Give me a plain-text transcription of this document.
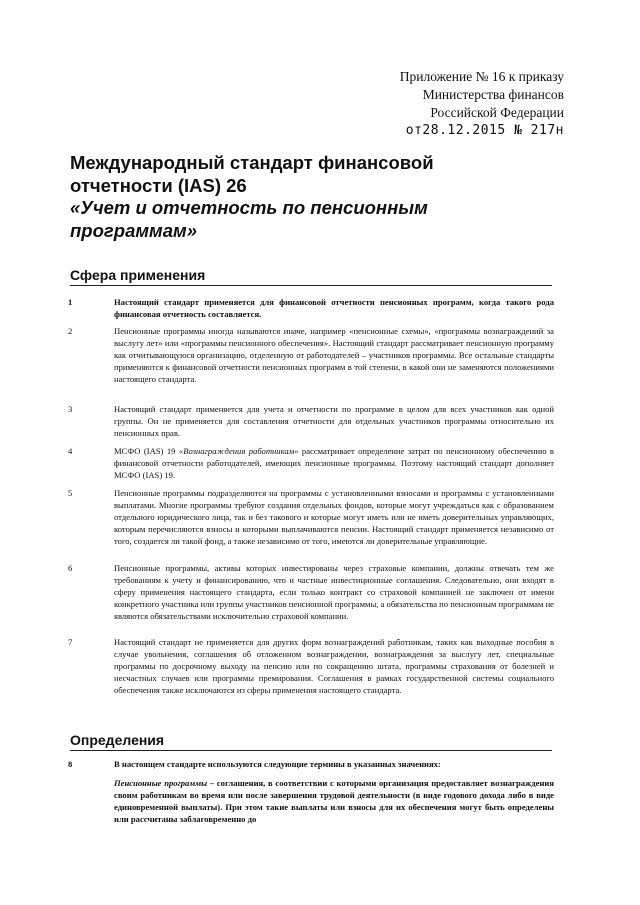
Приложение № 16 к приказу
Министерства финансов
Российской Федерации
от28.12.2015 № 217н
Международный стандарт финансовой
отчетности (IAS) 26
«Учет и отчетность по пенсионным
программам»
Сфера применения
1	Настоящий стандарт применяется для финансовой отчетности пенсионных программ, когда такого рода финансовая отчетность составляется.
2	Пенсионные программы иногда называются иначе, например «пенсионные схемы», «программы вознаграждений за выслугу лет» или «программы пенсионного обеспечения». Настоящий стандарт рассматривает пенсионную программу как отчитывающуюся организацию, отделенную от работодателей – участников программы. Все остальные стандарты применяются к финансовой отчетности пенсионных программ в той степени, в какой они не заменяются положениями настоящего стандарта.
3	Настоящий стандарт применяется для учета и отчетности по программе в целом для всех участников как одной группы. Он не применяется для составления отчетности для отдельных участников программы относительно их пенсионных прав.
4	МСФО (IAS) 19 «Вознаграждения работникам» рассматривает определение затрат по пенсионному обеспечению в финансовой отчетности работодателей, имеющих пенсионные программы. Поэтому настоящий стандарт дополняет МСФО (IAS) 19.
5	Пенсионные программы подразделяются на программы с установленными взносами и программы с установленными выплатами. Многие программы требуют создания отдельных фондов, которые могут учреждаться как с образованием отдельного юридического лица, так и без такового и которые могут иметь или не иметь доверительных управляющих, которым перечисляются взносы и которыми выплачиваются пенсии. Настоящий стандарт применяется независимо от того, создается ли такой фонд, а также независимо от того, имеются ли доверительные управляющие.
6	Пенсионные программы, активы которых инвестированы через страховые компании, должны отвечать тем же требованиям к учету и финансированию, что и частные инвестиционные соглашения. Следовательно, они входят в сферу применения настоящего стандарта, если только контракт со страховой компанией не заключен от имени конкретного участника или группы участников пенсионной программы, а обязательства по пенсионным программам не являются обязательствами исключительно страховой компании.
7	Настоящий стандарт не применяется для других форм вознаграждений работникам, таких как выходные пособия в случае увольнения, соглашения об отложенном вознаграждении, вознаграждения за выслугу лет, специальные программы по досрочному выходу на пенсию или по сокращению штата, программы страхования от болезней и несчастных случаев или программы премирования. Соглашения в рамках государственной системы социального обеспечения также исключаются из сферы применения настоящего стандарта.
Определения
8	В настоящем стандарте используются следующие термины в указанных значениях:
Пенсионные программы – соглашения, в соответствии с которыми организация предоставляет вознаграждения своим работникам во время или после завершения трудовой деятельности (в виде годового дохода либо в виде единовременной выплаты). При этом такие выплаты или взносы для их обеспечения могут быть определены или рассчитаны заблаговременно до
